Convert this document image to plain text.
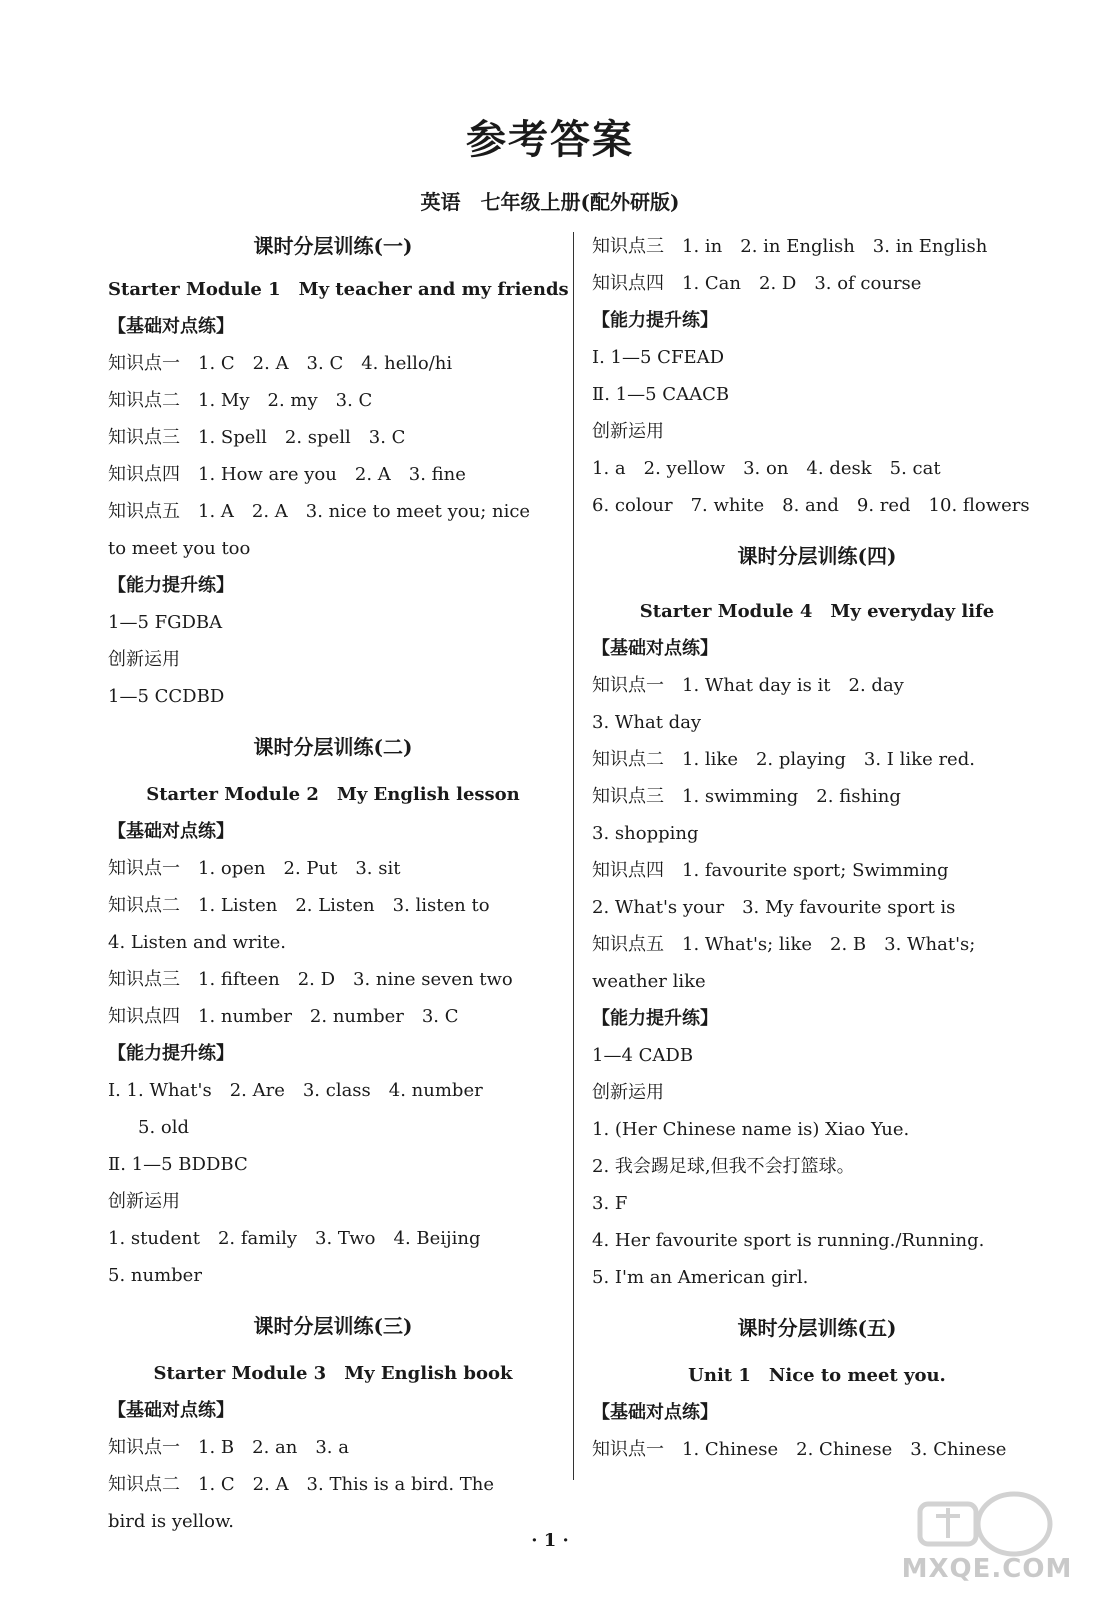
参考答案
英语　七年级上册(配外研版)
课时分层训练(一)
Starter Module 1　My teacher and my friends
【基础对点练】
知识点一　1. C　2. A　3. C　4. hello/hi
知识点二　1. My　2. my　3. C
知识点三　1. Spell　2. spell　3. C
知识点四　1. How are you　2. A　3. fine
知识点五　1. A　2. A　3. nice to meet you; nice
to meet you too
【能力提升练】
1—5 FGDBA
创新运用
1—5 CCDBD
课时分层训练(二)
Starter Module 2　My English lesson
【基础对点练】
知识点一　1. open　2. Put　3. sit
知识点二　1. Listen　2. Listen　3. listen to
4. Listen and write.
知识点三　1. fifteen　2. D　3. nine seven two
知识点四　1. number　2. number　3. C
【能力提升练】
Ⅰ. 1. What's　2. Are　3. class　4. number
5. old
Ⅱ. 1—5 BDDBC
创新运用
1. student　2. family　3. Two　4. Beijing
5. number
课时分层训练(三)
Starter Module 3　My English book
【基础对点练】
知识点一　1. B　2. an　3. a
知识点二　1. C　2. A　3. This is a bird. The
bird is yellow.
知识点三　1. in　2. in English　3. in English
知识点四　1. Can　2. D　3. of course
【能力提升练】
Ⅰ. 1—5 CFEAD
Ⅱ. 1—5 CAACB
创新运用
1. a　2. yellow　3. on　4. desk　5. cat
6. colour　7. white　8. and　9. red　10. flowers
课时分层训练(四)
Starter Module 4　My everyday life
【基础对点练】
知识点一　1. What day is it　2. day
3. What day
知识点二　1. like　2. playing　3. I like red.
知识点三　1. swimming　2. fishing
3. shopping
知识点四　1. favourite sport; Swimming
2. What's your　3. My favourite sport is
知识点五　1. What's; like　2. B　3. What's;
weather like
【能力提升练】
1—4 CADB
创新运用
1. (Her Chinese name is) Xiao Yue.
2. 我会踢足球,但我不会打篮球。
3. F
4. Her favourite sport is running./Running.
5. I'm an American girl.
课时分层训练(五)
Unit 1　Nice to meet you.
【基础对点练】
知识点一　1. Chinese　2. Chinese　3. Chinese
· 1 ·
MXQE.COM
